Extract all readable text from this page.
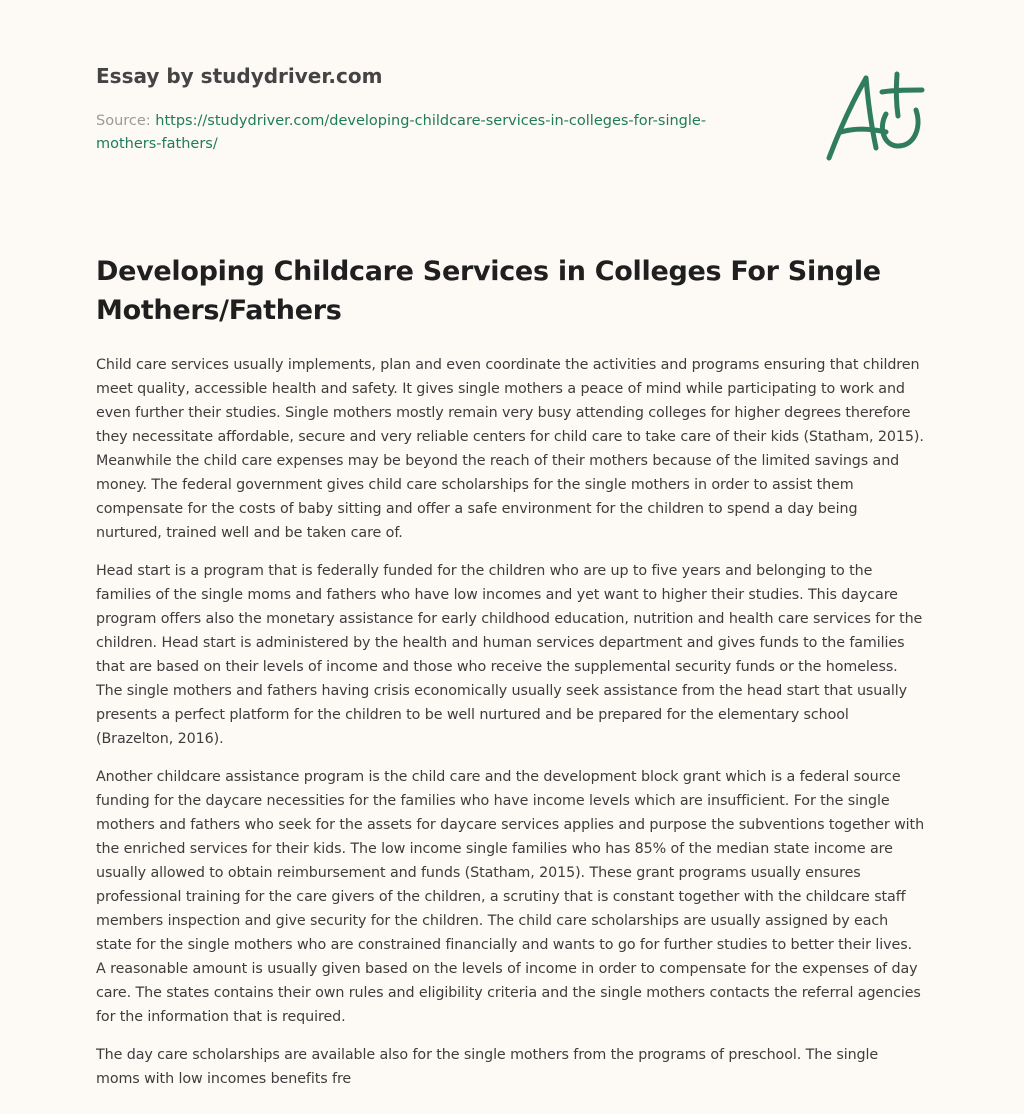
Essay by studydriver.com
Source: https://studydriver.com/developing-childcare-services-in-colleges-for-single-mothers-fathers/
Developing Childcare Services in Colleges For Single Mothers/Fathers

Child care services usually implements, plan and even coordinate the activities and programs ensuring that children meet quality, accessible health and safety. It gives single mothers a peace of mind while participating to work and even further their studies. Single mothers mostly remain very busy attending colleges for higher degrees therefore they necessitate affordable, secure and very reliable centers for child care to take care of their kids (Statham, 2015). Meanwhile the child care expenses may be beyond the reach of their mothers because of the limited savings and money. The federal government gives child care scholarships for the single mothers in order to assist them compensate for the costs of baby sitting and offer a safe environment for the children to spend a day being nurtured, trained well and be taken care of.

Head start is a program that is federally funded for the children who are up to five years and belonging to the families of the single moms and fathers who have low incomes and yet want to higher their studies. This daycare program offers also the monetary assistance for early childhood education, nutrition and health care services for the children. Head start is administered by the health and human services department and gives funds to the families that are based on their levels of income and those who receive the supplemental security funds or the homeless. The single mothers and fathers having crisis economically usually seek assistance from the head start that usually presents a perfect platform for the children to be well nurtured and be prepared for the elementary school (Brazelton, 2016).

Another childcare assistance program is the child care and the development block grant which is a federal source funding for the daycare necessities for the families who have income levels which are insufficient. For the single mothers and fathers who seek for the assets for daycare services applies and purpose the subventions together with the enriched services for their kids. The low income single families who has 85% of the median state income are usually allowed to obtain reimbursement and funds (Statham, 2015). These grant programs usually ensures professional training for the care givers of the children, a scrutiny that is constant together with the childcare staff members inspection and give security for the children. The child care scholarships are usually assigned by each state for the single mothers who are constrained financially and wants to go for further studies to better their lives. A reasonable amount is usually given based on the levels of income in order to compensate for the expenses of day care. The states contains their own rules and eligibility criteria and the single mothers contacts the referral agencies for the information that is required.

The day care scholarships are available also for the single mothers from the programs of preschool. The single moms with low incomes benefits fre
